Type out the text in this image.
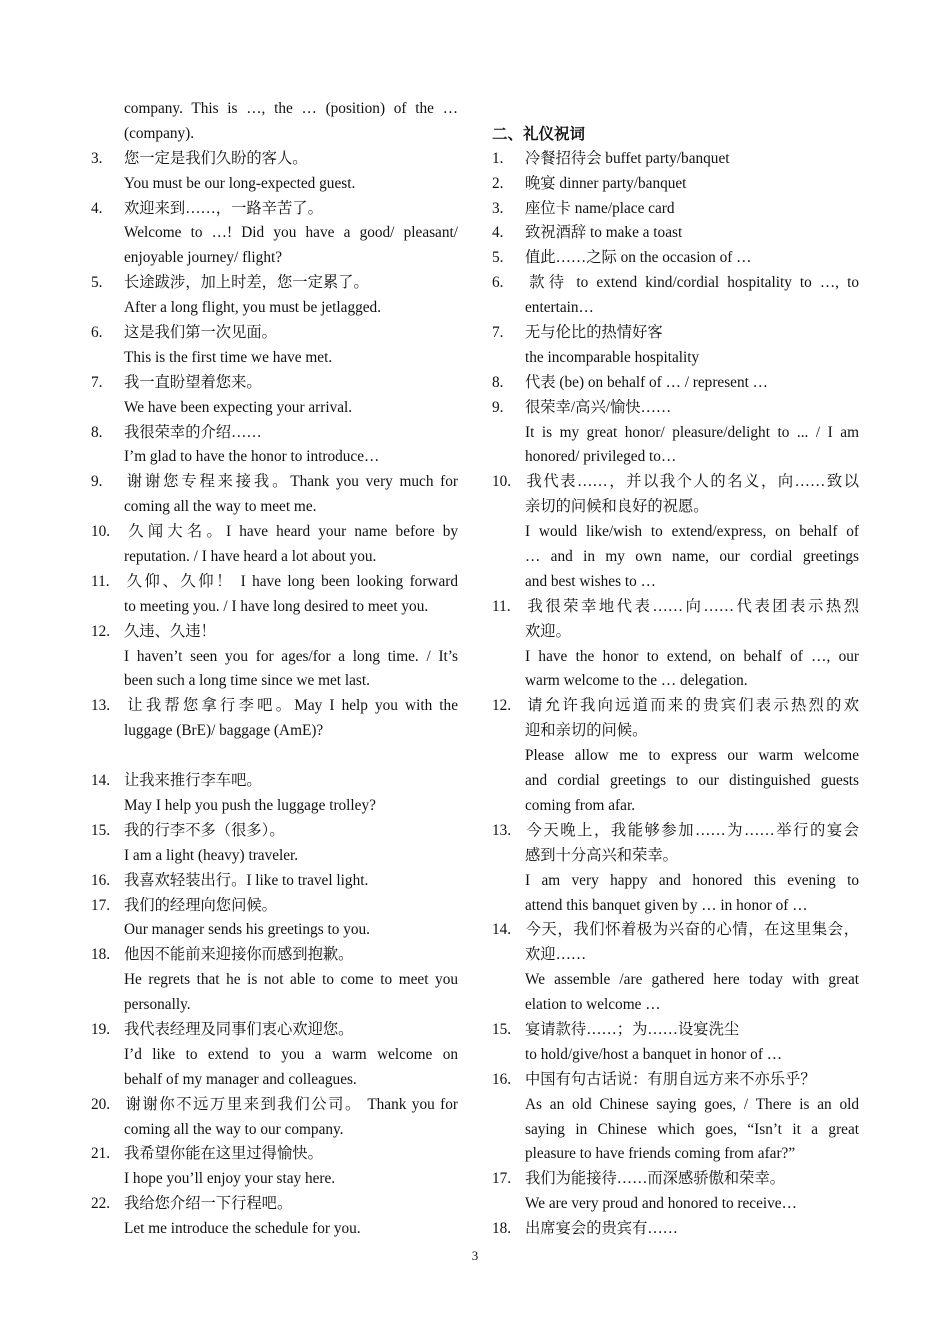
company. This is …, the … (position) of the …
(company).
3. 您一定是我们久盼的客人。
You must be our long-expected guest.
4. 欢迎来到……，一路辛苦了。
Welcome to …! Did you have a good/ pleasant/
enjoyable journey/ flight?
5. 长途跋涉，加上时差，您一定累了。
After a long flight, you must be jetlagged.
6. 这是我们第一次见面。
This is the first time we have met.
7. 我一直盼望着您来。
We have been expecting your arrival.
8. 我很荣幸的介绍……
I’m glad to have the honor to introduce…
9. 谢谢您专程来接我。Thank you very much for
coming all the way to meet me.
10. 久闻大名。I have heard your name before by
reputation. / I have heard a lot about you.
11. 久仰、久仰！ I have long been looking forward
to meeting you. / I have long desired to meet you.
12. 久违、久违！
I haven’t seen you for ages/for a long time. / It’s
been such a long time since we met last.
13. 让我帮您拿行李吧。May I help you with the
luggage (BrE)/ baggage (AmE)?
14. 让我来推行李车吧。
May I help you push the luggage trolley?
15. 我的行李不多（很多）。
I am a light (heavy) traveler.
16. 我喜欢轻装出行。I like to travel light.
17. 我们的经理向您问候。
Our manager sends his greetings to you.
18. 他因不能前来迎接你而感到抱歉。
He regrets that he is not able to come to meet you
personally.
19. 我代表经理及同事们衷心欢迎您。
I’d like to extend to you a warm welcome on
behalf of my manager and colleagues.
20. 谢谢你不远万里来到我们公司。 Thank you for
coming all the way to our company.
21. 我希望你能在这里过得愉快。
I hope you’ll enjoy your stay here.
22. 我给您介绍一下行程吧。
Let me introduce the schedule for you.
二、礼仪祝词
1. 冷餐招待会 buffet party/banquet
2. 晚宴 dinner party/banquet
3. 座位卡 name/place card
4. 致祝酒辞 to make a toast
5. 值此……之际 on the occasion of …
6. 款待 to extend kind/cordial hospitality to …, to
entertain…
7. 无与伦比的热情好客
the incomparable hospitality
8. 代表 (be) on behalf of … / represent …
9. 很荣幸/高兴/愉快……
It is my great honor/ pleasure/delight to ... / I am
honored/ privileged to…
10. 我代表……，并以我个人的名义，向……致以
亲切的问候和良好的祝愿。
I would like/wish to extend/express, on behalf of
… and in my own name, our cordial greetings
and best wishes to …
11. 我很荣幸地代表……向……代表团表示热烈
欢迎。
I have the honor to extend, on behalf of …, our
warm welcome to the … delegation.
12. 请允许我向远道而来的贵宾们表示热烈的欢
迎和亲切的问候。
Please allow me to express our warm welcome
and cordial greetings to our distinguished guests
coming from afar.
13. 今天晚上，我能够参加……为……举行的宴会
感到十分高兴和荣幸。
I am very happy and honored this evening to
attend this banquet given by … in honor of …
14. 今天，我们怀着极为兴奋的心情，在这里集会，
欢迎……
We assemble /are gathered here today with great
elation to welcome …
15. 宴请款待……；为……设宴洗尘
to hold/give/host a banquet in honor of …
16. 中国有句古话说：有朋自远方来不亦乐乎？
As an old Chinese saying goes, / There is an old
saying in Chinese which goes, “Isn’t it a great
pleasure to have friends coming from afar?”
17. 我们为能接待……而深感骄傲和荣幸。
We are very proud and honored to receive…
18. 出席宴会的贵宾有……
3
